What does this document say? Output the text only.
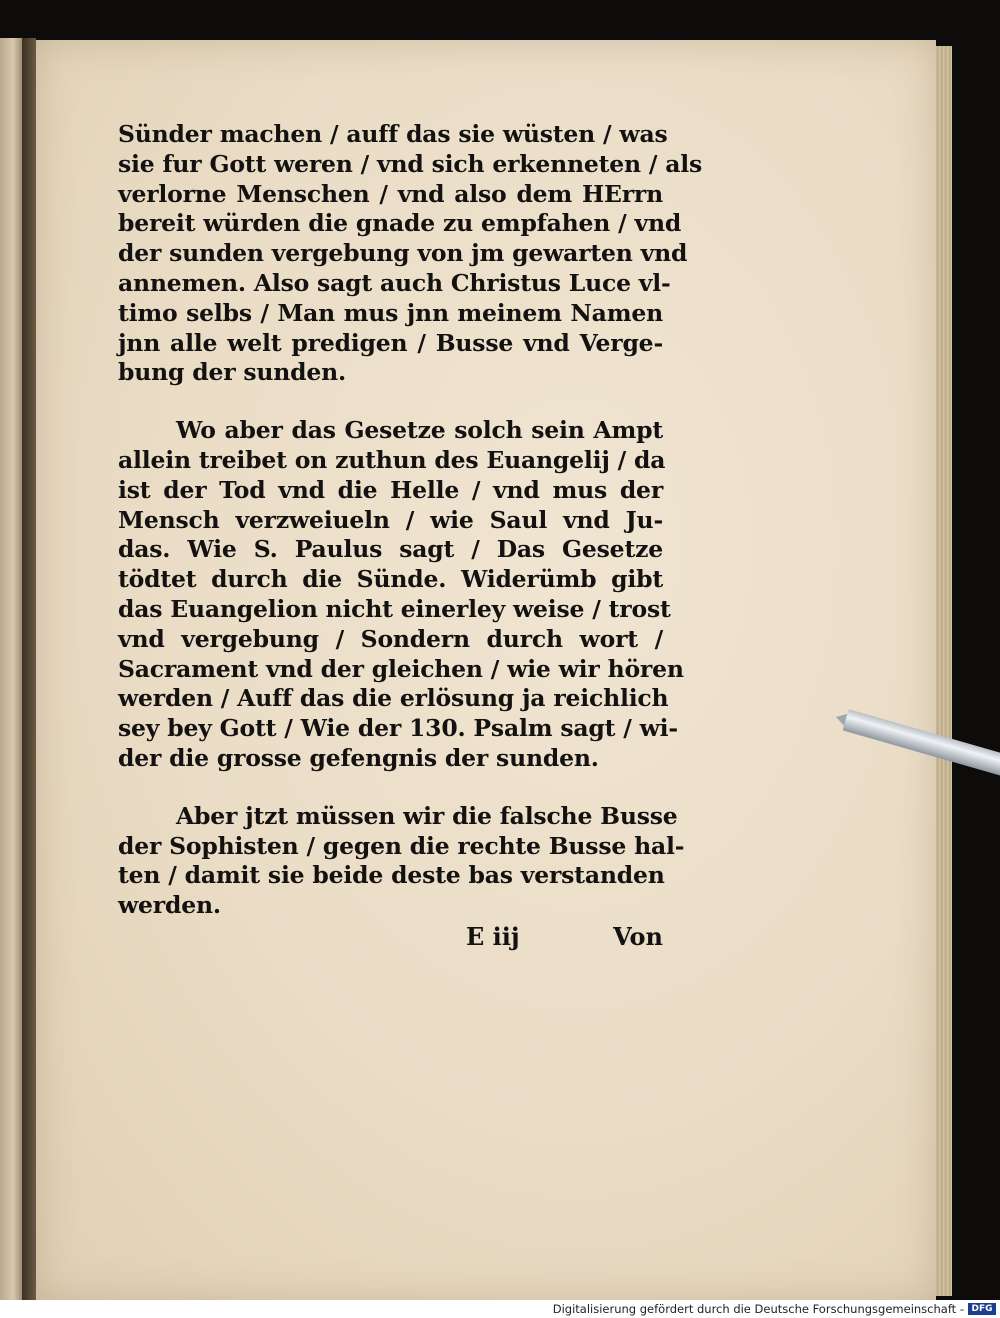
Sünder machen / auff das sie wüsten / was
sie fur Gott weren / vnd sich erkenneten / als
verlorne Menschen / vnd also dem HErrn
bereit würden die gnade zu empfahen / vnd
der sunden vergebung von jm gewarten vnd
annemen. Also sagt auch Christus Luce vl-
timo selbs / Man mus jnn meinem Namen
jnn alle welt predigen / Busse vnd Verge-
bung der sunden.
Wo aber das Gesetze solch sein Ampt
allein treibet on zuthun des Euangelij / da
ist der Tod vnd die Helle / vnd mus der
Mensch verzweiueln / wie Saul vnd Ju-
das. Wie S. Paulus sagt / Das Gesetze
tödtet durch die Sünde. Widerümb gibt
das Euangelion nicht einerley weise / trost
vnd vergebung / Sondern durch wort /
Sacrament vnd der gleichen / wie wir hören
werden / Auff das die erlösung ja reichlich
sey bey Gott / Wie der 130. Psalm sagt / wi-
der die grosse gefengnis der sunden.
Aber jtzt müssen wir die falsche Busse
der Sophisten / gegen die rechte Busse hal-
ten / damit sie beide deste bas verstanden
werden.
E iij	Von
Digitalisierung gefördert durch die Deutsche Forschungsgemeinschaft - DFG
